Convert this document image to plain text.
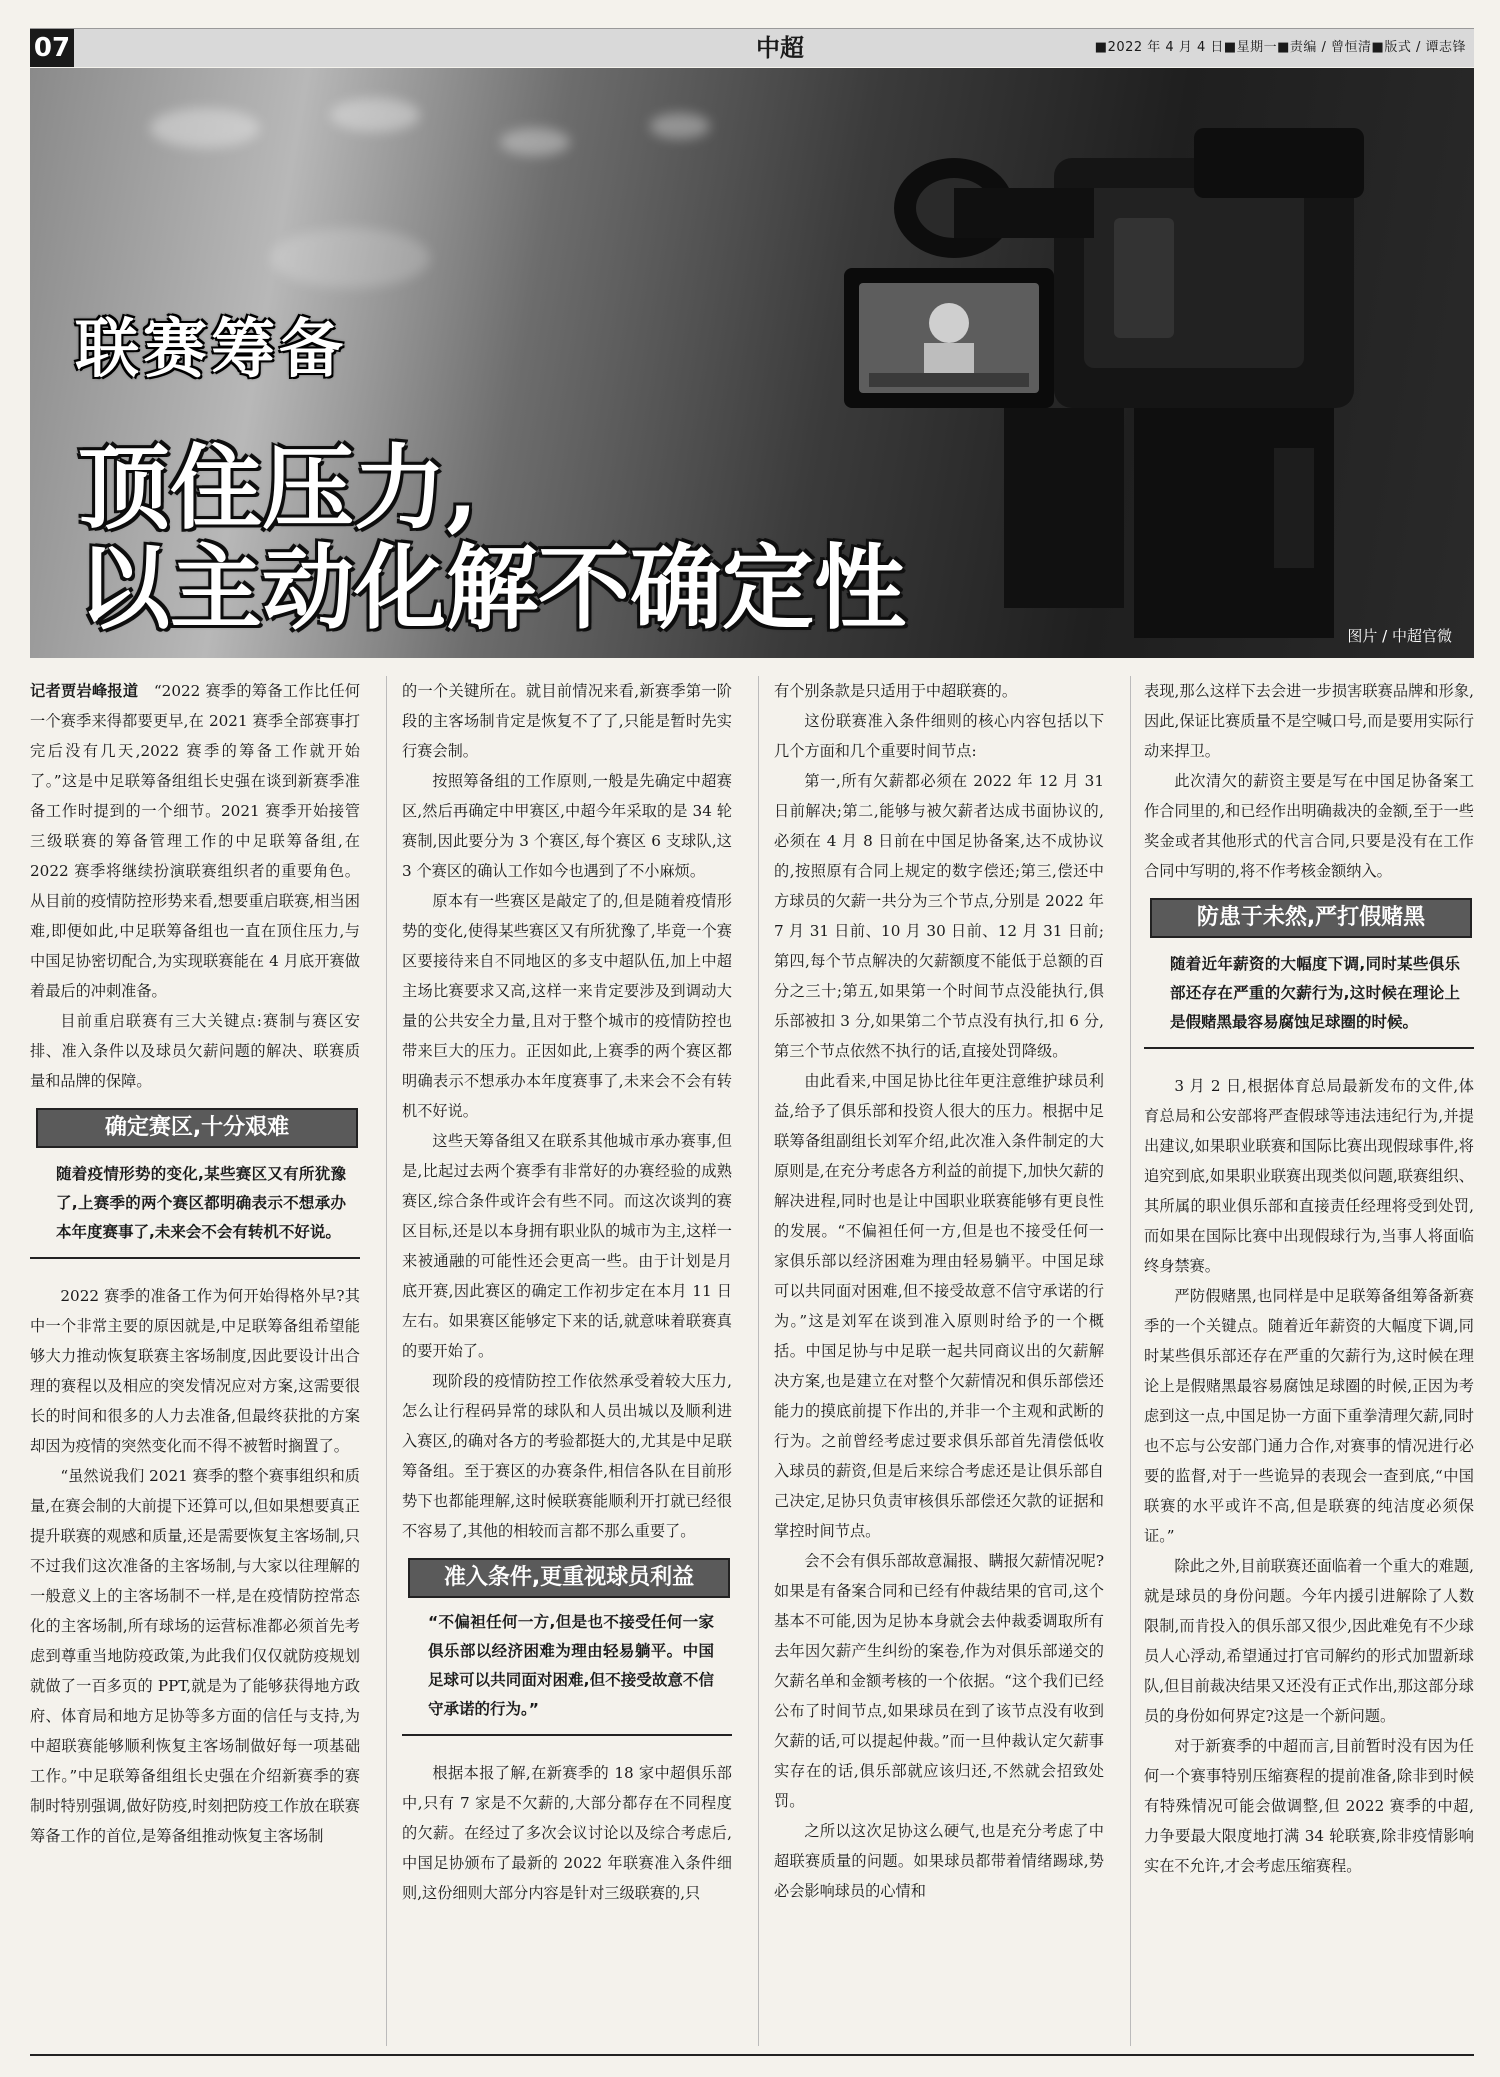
07	中超	■2022 年 4 月 4 日■星期一■责编 / 曾恒清■版式 / 谭志锋
联赛筹备
顶住压力,
以主动化解不确定性	图片 / 中超官微

记者贾岩峰报道　 “2022 赛季的筹备工作比任何一个赛季来得都要更早,在 2021 赛季全部赛事打完后没有几天,2022 赛季的筹备工作就开始了。”这是中足联筹备组组长史强在谈到新赛季准备工作时提到的一个细节。2021 赛季开始接管三级联赛的筹备管理工作的中足联筹备组,在 2022 赛季将继续扮演联赛组织者的重要角色。从目前的疫情防控形势来看,想要重启联赛,相当困难,即便如此,中足联筹备组也一直在顶住压力,与中国足协密切配合,为实现联赛能在 4 月底开赛做着最后的冲刺准备。

目前重启联赛有三大关键点:赛制与赛区安排、准入条件以及球员欠薪问题的解决、联赛质量和品牌的保障。

确定赛区,十分艰难
随着疫情形势的变化,某些赛区又有所犹豫了,上赛季的两个赛区都明确表示不想承办本年度赛事了,未来会不会有转机不好说。

2022 赛季的准备工作为何开始得格外早?其中一个非常主要的原因就是,中足联筹备组希望能够大力推动恢复联赛主客场制度,因此要设计出合理的赛程以及相应的突发情况应对方案,这需要很长的时间和很多的人力去准备,但最终获批的方案却因为疫情的突然变化而不得不被暂时搁置了。

“虽然说我们 2021 赛季的整个赛事组织和质量,在赛会制的大前提下还算可以,但如果想要真正提升联赛的观感和质量,还是需要恢复主客场制,只不过我们这次准备的主客场制,与大家以往理解的一般意义上的主客场制不一样,是在疫情防控常态化的主客场制,所有球场的运营标准都必须首先考虑到尊重当地防疫政策,为此我们仅仅就防疫规划就做了一百多页的 PPT,就是为了能够获得地方政府、体育局和地方足协等多方面的信任与支持,为中超联赛能够顺利恢复主客场制做好每一项基础工作。”中足联筹备组组长史强在介绍新赛季的赛制时特别强调,做好防疫,时刻把防疫工作放在联赛筹备工作的首位,是筹备组推动恢复主客场制

的一个关键所在。就目前情况来看,新赛季第一阶段的主客场制肯定是恢复不了了,只能是暂时先实行赛会制。

按照筹备组的工作原则,一般是先确定中超赛区,然后再确定中甲赛区,中超今年采取的是 34 轮赛制,因此要分为 3 个赛区,每个赛区 6 支球队,这 3 个赛区的确认工作如今也遇到了不小麻烦。

原本有一些赛区是敲定了的,但是随着疫情形势的变化,使得某些赛区又有所犹豫了,毕竟一个赛区要接待来自不同地区的多支中超队伍,加上中超主场比赛要求又高,这样一来肯定要涉及到调动大量的公共安全力量,且对于整个城市的疫情防控也带来巨大的压力。正因如此,上赛季的两个赛区都明确表示不想承办本年度赛事了,未来会不会有转机不好说。

这些天筹备组又在联系其他城市承办赛事,但是,比起过去两个赛季有非常好的办赛经验的成熟赛区,综合条件或许会有些不同。而这次谈判的赛区目标,还是以本身拥有职业队的城市为主,这样一来被通融的可能性还会更高一些。由于计划是月底开赛,因此赛区的确定工作初步定在本月 11 日左右。如果赛区能够定下来的话,就意味着联赛真的要开始了。

现阶段的疫情防控工作依然承受着较大压力,怎么让行程码异常的球队和人员出城以及顺利进入赛区,的确对各方的考验都挺大的,尤其是中足联筹备组。至于赛区的办赛条件,相信各队在目前形势下也都能理解,这时候联赛能顺利开打就已经很不容易了,其他的相较而言都不那么重要了。

准入条件,更重视球员利益
“不偏袒任何一方,但是也不接受任何一家俱乐部以经济困难为理由轻易躺平。中国足球可以共同面对困难,但不接受故意不信守承诺的行为。”

根据本报了解,在新赛季的 18 家中超俱乐部中,只有 7 家是不欠薪的,大部分都存在不同程度的欠薪。在经过了多次会议讨论以及综合考虑后,中国足协颁布了最新的 2022 年联赛准入条件细则,这份细则大部分内容是针对三级联赛的,只

有个别条款是只适用于中超联赛的。

这份联赛准入条件细则的核心内容包括以下几个方面和几个重要时间节点:

第一,所有欠薪都必须在 2022 年 12 月 31 日前解决;第二,能够与被欠薪者达成书面协议的,必须在 4 月 8 日前在中国足协备案,达不成协议的,按照原有合同上规定的数字偿还;第三,偿还中方球员的欠薪一共分为三个节点,分别是 2022 年 7 月 31 日前、10 月 30 日前、12 月 31 日前;第四,每个节点解决的欠薪额度不能低于总额的百分之三十;第五,如果第一个时间节点没能执行,俱乐部被扣 3 分,如果第二个节点没有执行,扣 6 分,第三个节点依然不执行的话,直接处罚降级。

由此看来,中国足协比往年更注意维护球员利益,给予了俱乐部和投资人很大的压力。根据中足联筹备组副组长刘军介绍,此次准入条件制定的大原则是,在充分考虑各方利益的前提下,加快欠薪的解决进程,同时也是让中国职业联赛能够有更良性的发展。“不偏袒任何一方,但是也不接受任何一家俱乐部以经济困难为理由轻易躺平。中国足球可以共同面对困难,但不接受故意不信守承诺的行为。”这是刘军在谈到准入原则时给予的一个概括。中国足协与中足联一起共同商议出的欠薪解决方案,也是建立在对整个欠薪情况和俱乐部偿还能力的摸底前提下作出的,并非一个主观和武断的行为。之前曾经考虑过要求俱乐部首先清偿低收入球员的薪资,但是后来综合考虑还是让俱乐部自己决定,足协只负责审核俱乐部偿还欠款的证据和掌控时间节点。

会不会有俱乐部故意漏报、瞒报欠薪情况呢?如果是有备案合同和已经有仲裁结果的官司,这个基本不可能,因为足协本身就会去仲裁委调取所有去年因欠薪产生纠纷的案卷,作为对俱乐部递交的欠薪名单和金额考核的一个依据。“这个我们已经公布了时间节点,如果球员在到了该节点没有收到欠薪的话,可以提起仲裁。”而一旦仲裁认定欠薪事实存在的话,俱乐部就应该归还,不然就会招致处罚。

之所以这次足协这么硬气,也是充分考虑了中超联赛质量的问题。如果球员都带着情绪踢球,势必会影响球员的心情和

表现,那么这样下去会进一步损害联赛品牌和形象,因此,保证比赛质量不是空喊口号,而是要用实际行动来捍卫。

此次清欠的薪资主要是写在中国足协备案工作合同里的,和已经作出明确裁决的金额,至于一些奖金或者其他形式的代言合同,只要是没有在工作合同中写明的,将不作考核金额纳入。

防患于未然,严打假赌黑
随着近年薪资的大幅度下调,同时某些俱乐部还存在严重的欠薪行为,这时候在理论上是假赌黑最容易腐蚀足球圈的时候。

3 月 2 日,根据体育总局最新发布的文件,体育总局和公安部将严查假球等违法违纪行为,并提出建议,如果职业联赛和国际比赛出现假球事件,将追究到底,如果职业联赛出现类似问题,联赛组织、其所属的职业俱乐部和直接责任经理将受到处罚,而如果在国际比赛中出现假球行为,当事人将面临终身禁赛。

严防假赌黑,也同样是中足联筹备组筹备新赛季的一个关键点。随着近年薪资的大幅度下调,同时某些俱乐部还存在严重的欠薪行为,这时候在理论上是假赌黑最容易腐蚀足球圈的时候,正因为考虑到这一点,中国足协一方面下重拳清理欠薪,同时也不忘与公安部门通力合作,对赛事的情况进行必要的监督,对于一些诡异的表现会一查到底,“中国联赛的水平或许不高,但是联赛的纯洁度必须保证。”

除此之外,目前联赛还面临着一个重大的难题,就是球员的身份问题。今年内援引进解除了人数限制,而肯投入的俱乐部又很少,因此难免有不少球员人心浮动,希望通过打官司解约的形式加盟新球队,但目前裁决结果又还没有正式作出,那这部分球员的身份如何界定?这是一个新问题。

对于新赛季的中超而言,目前暂时没有因为任何一个赛事特别压缩赛程的提前准备,除非到时候有特殊情况可能会做调整,但 2022 赛季的中超,力争要最大限度地打满 34 轮联赛,除非疫情影响实在不允许,才会考虑压缩赛程。
